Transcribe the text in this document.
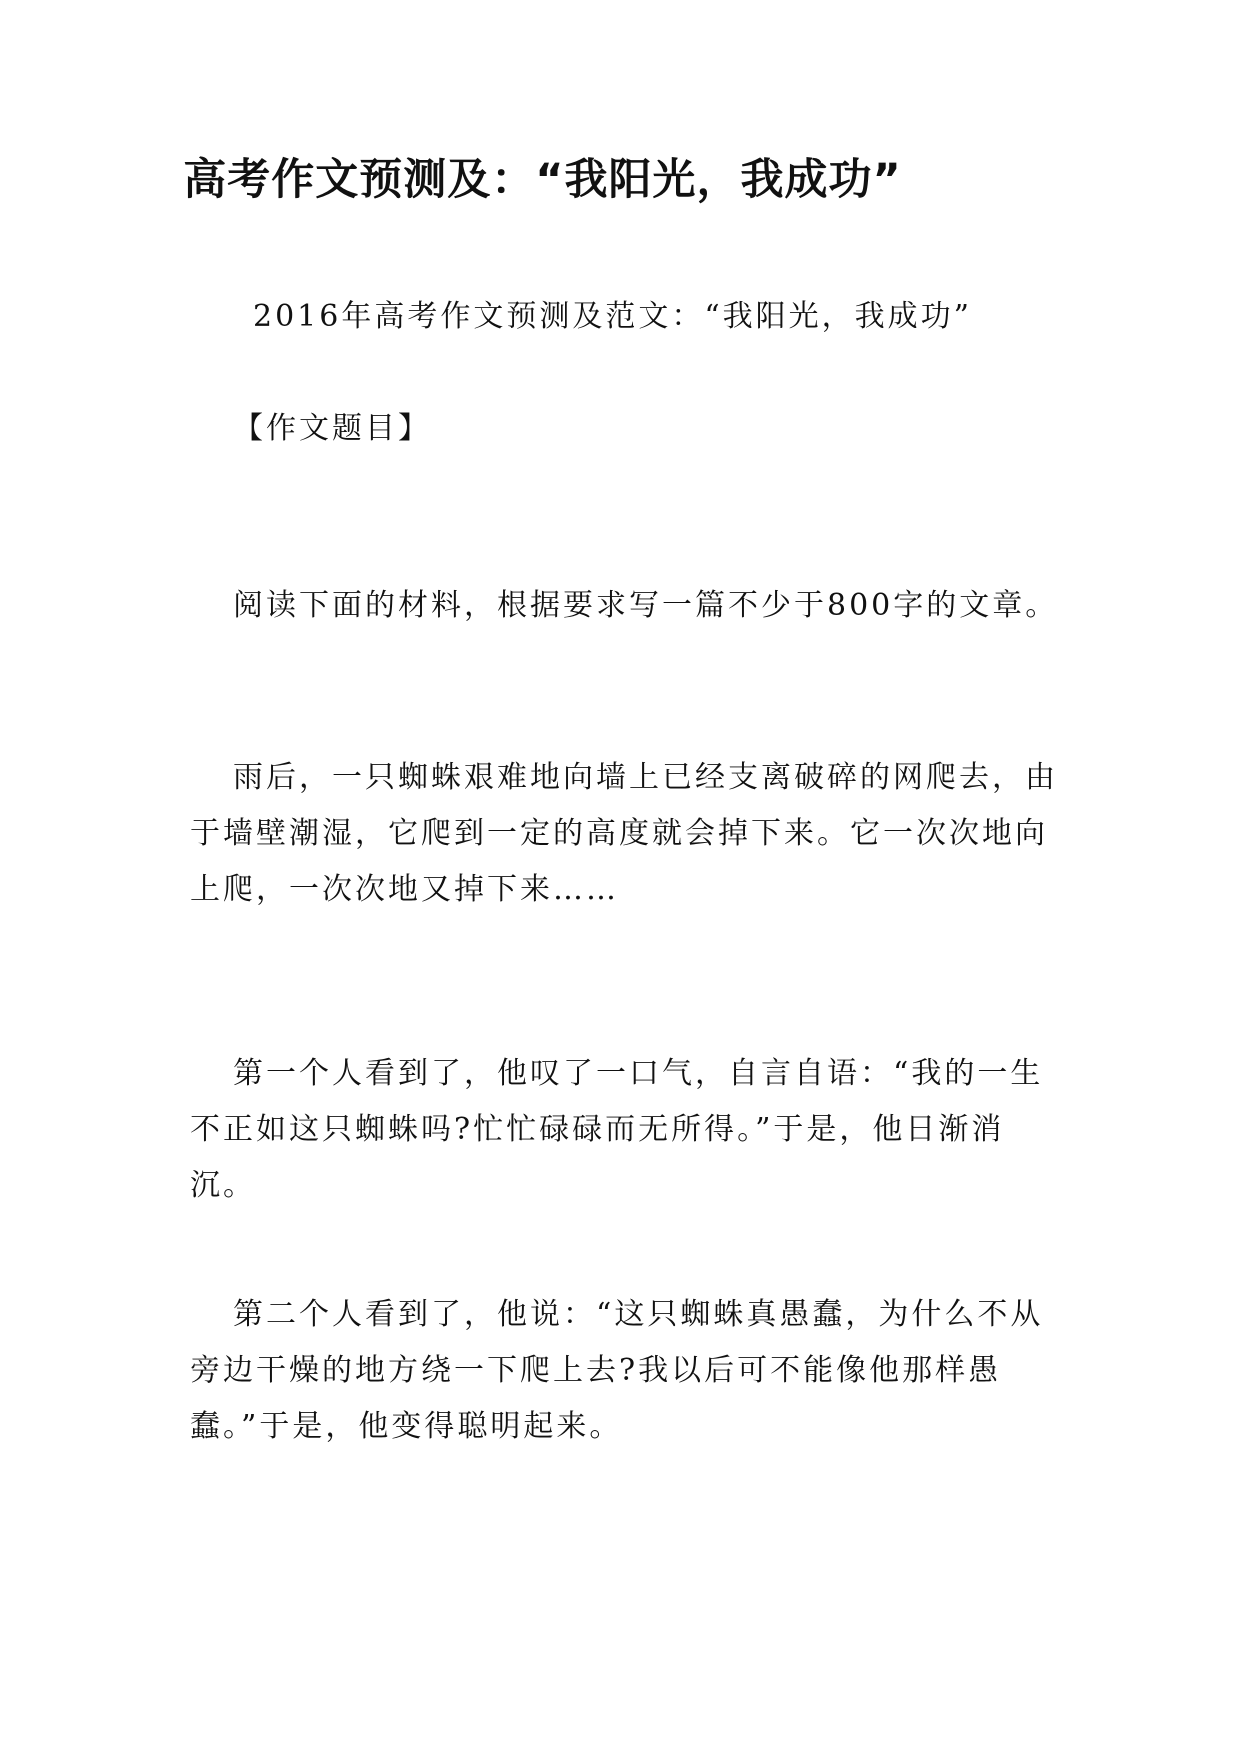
高考作文预测及：“我阳光，我成功”

2016年高考作文预测及范文：“我阳光，我成功”

【作文题目】

阅读下面的材料，根据要求写一篇不少于800字的文章。

雨后，一只蜘蛛艰难地向墙上已经支离破碎的网爬去，由于墙壁潮湿，它爬到一定的高度就会掉下来。它一次次地向上爬，一次次地又掉下来……

第一个人看到了，他叹了一口气，自言自语：“我的一生不正如这只蜘蛛吗?忙忙碌碌而无所得。”于是，他日渐消沉。

第二个人看到了，他说：“这只蜘蛛真愚蠢，为什么不从旁边干燥的地方绕一下爬上去?我以后可不能像他那样愚蠢。”于是，他变得聪明起来。
